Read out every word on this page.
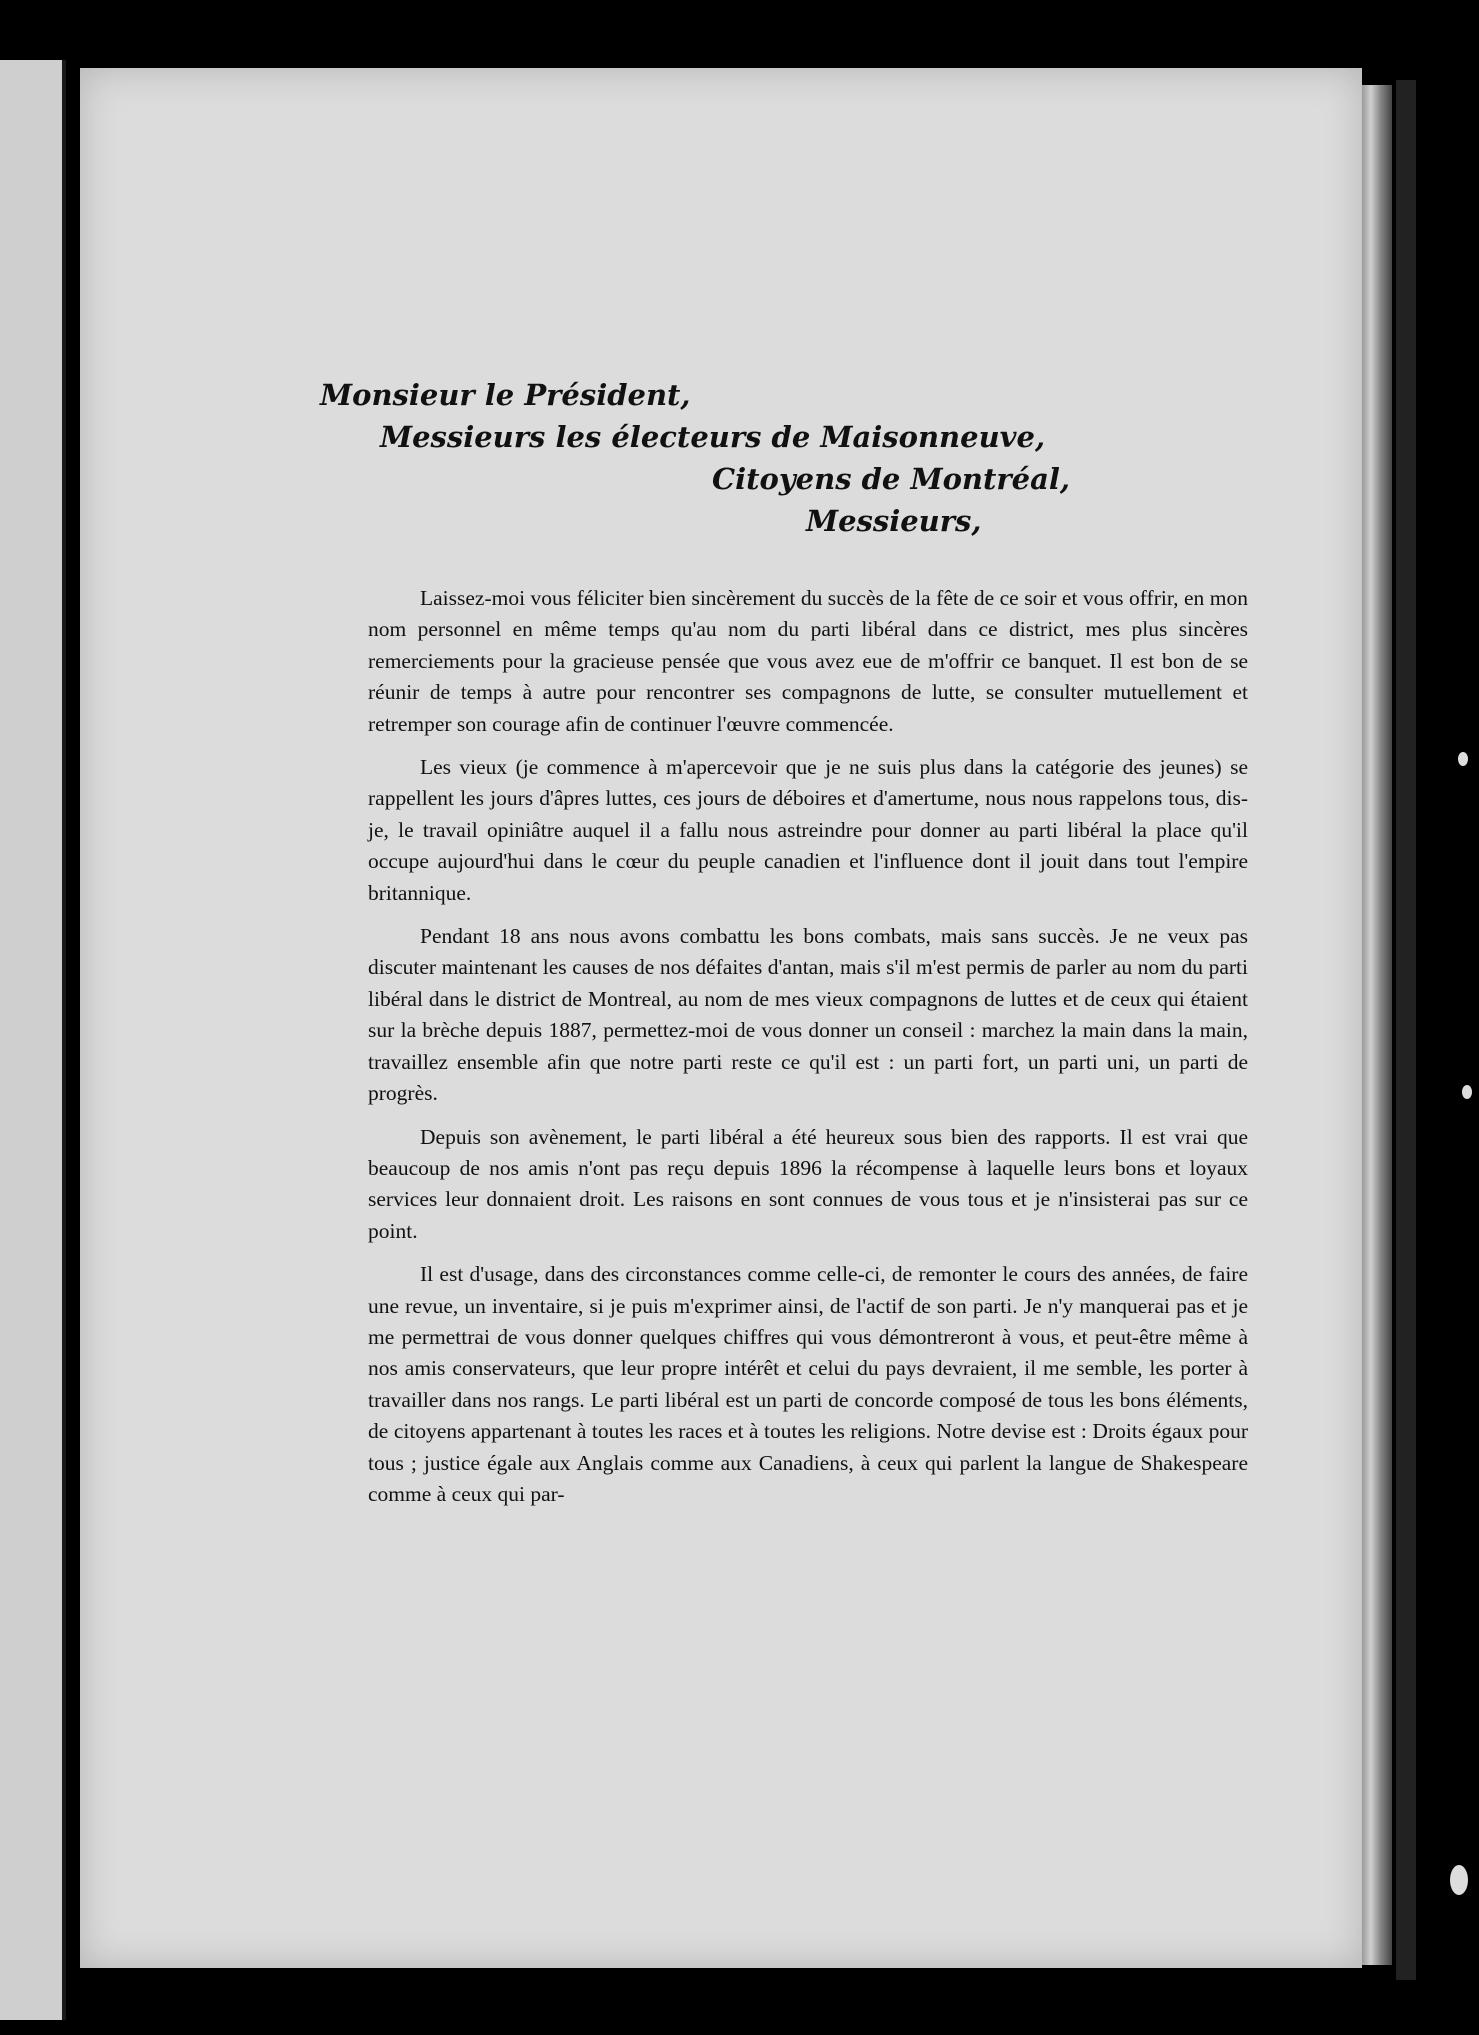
Monsieur le Président,
Messieurs les électeurs de Maisonneuve,
Citoyens de Montréal,
Messieurs,

Laissez-moi vous féliciter bien sincèrement du succès de la fête de ce soir et vous offrir, en mon nom personnel en même temps qu'au nom du parti libéral dans ce district, mes plus sincères remerciements pour la gracieuse pensée que vous avez eue de m'offrir ce banquet. Il est bon de se réunir de temps à autre pour rencontrer ses compagnons de lutte, se consulter mutuellement et retremper son courage afin de continuer l'œuvre commencée.

Les vieux (je commence à m'apercevoir que je ne suis plus dans la catégorie des jeunes) se rappellent les jours d'âpres luttes, ces jours de déboires et d'amertume, nous nous rappelons tous, dis-je, le travail opiniâtre auquel il a fallu nous astreindre pour donner au parti libéral la place qu'il occupe aujourd'hui dans le cœur du peuple canadien et l'influence dont il jouit dans tout l'empire britannique.

Pendant 18 ans nous avons combattu les bons combats, mais sans succès. Je ne veux pas discuter maintenant les causes de nos défaites d'antan, mais s'il m'est permis de parler au nom du parti libéral dans le district de Montreal, au nom de mes vieux compagnons de luttes et de ceux qui étaient sur la brèche depuis 1887, permettez-moi de vous donner un conseil : marchez la main dans la main, travaillez ensemble afin que notre parti reste ce qu'il est : un parti fort, un parti uni, un parti de progrès.

Depuis son avènement, le parti libéral a été heureux sous bien des rapports. Il est vrai que beaucoup de nos amis n'ont pas reçu depuis 1896 la récompense à laquelle leurs bons et loyaux services leur donnaient droit. Les raisons en sont connues de vous tous et je n'insisterai pas sur ce point.

Il est d'usage, dans des circonstances comme celle-ci, de remonter le cours des années, de faire une revue, un inventaire, si je puis m'exprimer ainsi, de l'actif de son parti. Je n'y manquerai pas et je me permettrai de vous donner quelques chiffres qui vous démontreront à vous, et peut-être même à nos amis conservateurs, que leur propre intérêt et celui du pays devraient, il me semble, les porter à travailler dans nos rangs. Le parti libéral est un parti de concorde composé de tous les bons éléments, de citoyens appartenant à toutes les races et à toutes les religions. Notre devise est : Droits égaux pour tous ; justice égale aux Anglais comme aux Canadiens, à ceux qui parlent la langue de Shakespeare comme à ceux qui par-
